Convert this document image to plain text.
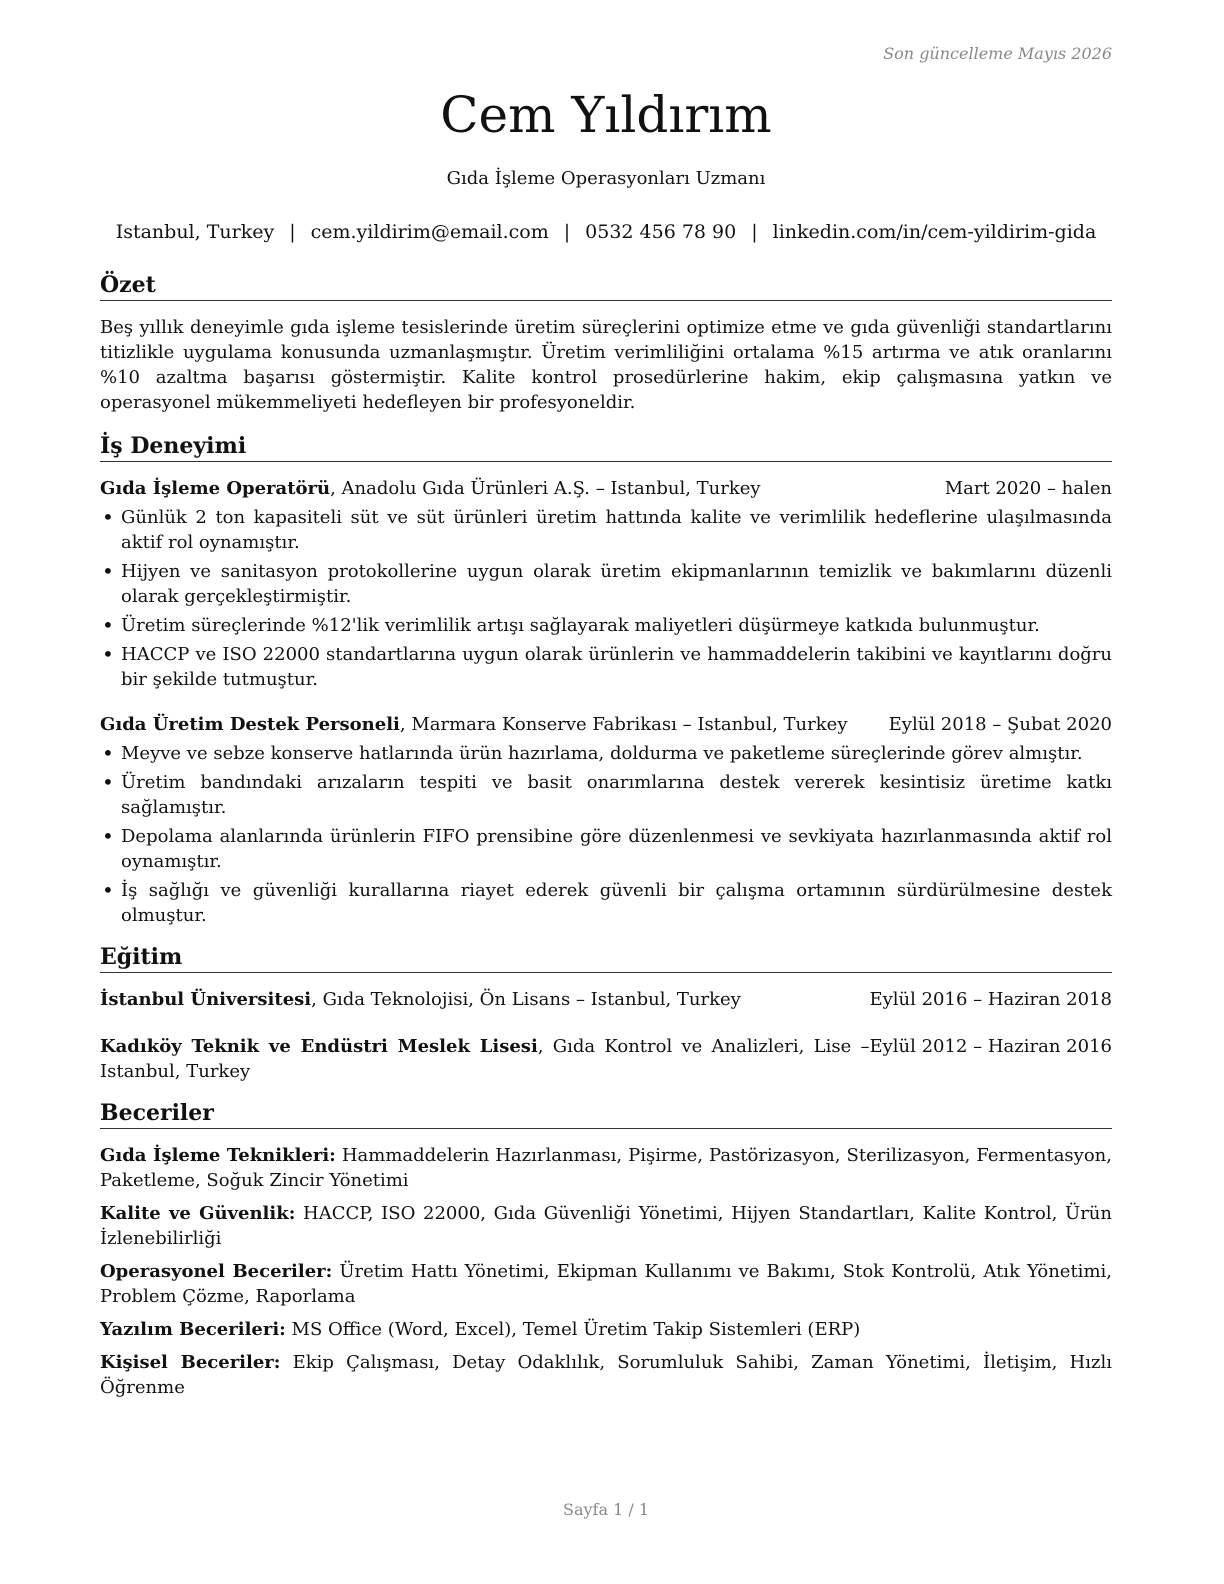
Son güncelleme Mayıs 2026
Cem Yıldırım
Gıda İşleme Operasyonları Uzmanı
Istanbul, Turkey | cem.yildirim@email.com | 0532 456 78 90 | linkedin.com/in/cem-yildirim-gida
Özet
Beş yıllık deneyimle gıda işleme tesislerinde üretim süreçlerini optimize etme ve gıda güvenliği standartlarını titizlikle uygulama konusunda uzmanlaşmıştır. Üretim verimliliğini ortalama %15 artırma ve atık oranlarını %10 azaltma başarısı göstermiştir. Kalite kontrol prosedürlerine hakim, ekip çalışmasına yatkın ve operasyonel mükemmeliyeti hedefleyen bir profesyoneldir.
İş Deneyimi
Gıda İşleme Operatörü, Anadolu Gıda Ürünleri A.Ş. – Istanbul, Turkey	Mart 2020 – halen
• Günlük 2 ton kapasiteli süt ve süt ürünleri üretim hattında kalite ve verimlilik hedeflerine ulaşılmasında aktif rol oynamıştır.
• Hijyen ve sanitasyon protokollerine uygun olarak üretim ekipmanlarının temizlik ve bakımlarını düzenli olarak gerçekleştirmiştir.
• Üretim süreçlerinde %12'lik verimlilik artışı sağlayarak maliyetleri düşürmeye katkıda bulunmuştur.
• HACCP ve ISO 22000 standartlarına uygun olarak ürünlerin ve hammaddelerin takibini ve kayıtlarını doğru bir şekilde tutmuştur.
Gıda Üretim Destek Personeli, Marmara Konserve Fabrikası – Istanbul, Turkey	Eylül 2018 – Şubat 2020
• Meyve ve sebze konserve hatlarında ürün hazırlama, doldurma ve paketleme süreçlerinde görev almıştır.
• Üretim bandındaki arızaların tespiti ve basit onarımlarına destek vererek kesintisiz üretime katkı sağlamıştır.
• Depolama alanlarında ürünlerin FIFO prensibine göre düzenlenmesi ve sevkiyata hazırlanmasında aktif rol oynamıştır.
• İş sağlığı ve güvenliği kurallarına riayet ederek güvenli bir çalışma ortamının sürdürülmesine destek olmuştur.
Eğitim
İstanbul Üniversitesi, Gıda Teknolojisi, Ön Lisans – Istanbul, Turkey	Eylül 2016 – Haziran 2018
Kadıköy Teknik ve Endüstri Meslek Lisesi, Gıda Kontrol ve Analizleri, Lise – Istanbul, Turkey
Eylül 2012 – Haziran 2016
Beceriler
Gıda İşleme Teknikleri: Hammaddelerin Hazırlanması, Pişirme, Pastörizasyon, Sterilizasyon, Fermentasyon, Paketleme, Soğuk Zincir Yönetimi
Kalite ve Güvenlik: HACCP, ISO 22000, Gıda Güvenliği Yönetimi, Hijyen Standartları, Kalite Kontrol, Ürün İzlenebilirliği
Operasyonel Beceriler: Üretim Hattı Yönetimi, Ekipman Kullanımı ve Bakımı, Stok Kontrolü, Atık Yönetimi, Problem Çözme, Raporlama
Yazılım Becerileri: MS Office (Word, Excel), Temel Üretim Takip Sistemleri (ERP)
Kişisel Beceriler: Ekip Çalışması, Detay Odaklılık, Sorumluluk Sahibi, Zaman Yönetimi, İletişim, Hızlı Öğrenme
Sayfa 1 / 1
